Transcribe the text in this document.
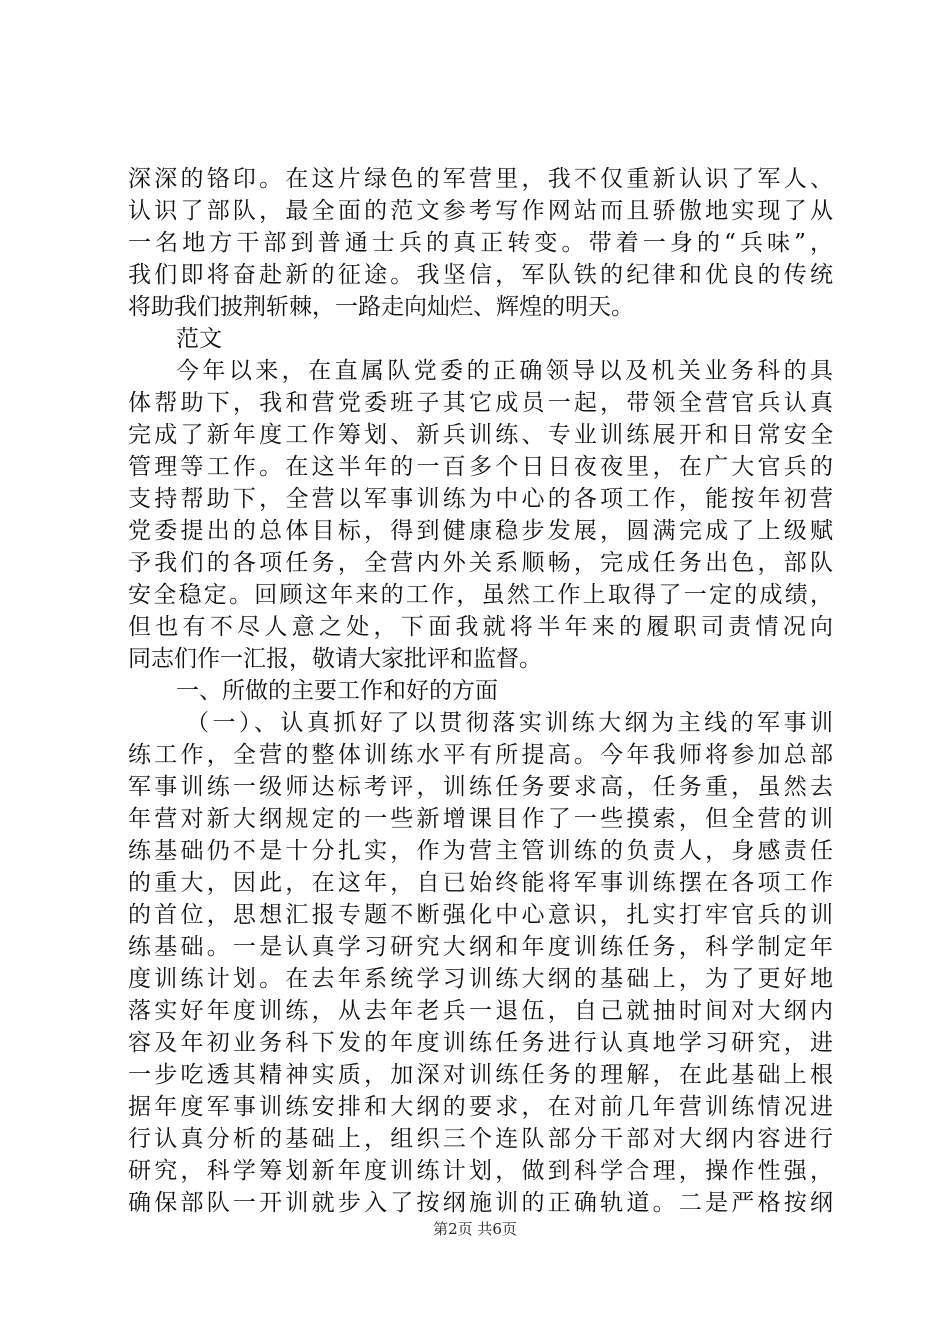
深深的铬印。在这片绿色的军营里，我不仅重新认识了军人、
认识了部队，最全面的范文参考写作网站而且骄傲地实现了从
一名地方干部到普通士兵的真正转变。带着一身的“兵味”，
我们即将奋赴新的征途。我坚信，军队铁的纪律和优良的传统
将助我们披荆斩棘，一路走向灿烂、辉煌的明天。
范文
今年以来，在直属队党委的正确领导以及机关业务科的具
体帮助下，我和营党委班子其它成员一起，带领全营官兵认真
完成了新年度工作筹划、新兵训练、专业训练展开和日常安全
管理等工作。在这半年的一百多个日日夜夜里，在广大官兵的
支持帮助下，全营以军事训练为中心的各项工作，能按年初营
党委提出的总体目标，得到健康稳步发展，圆满完成了上级赋
予我们的各项任务，全营内外关系顺畅，完成任务出色，部队
安全稳定。回顾这年来的工作，虽然工作上取得了一定的成绩，
但也有不尽人意之处，下面我就将半年来的履职司责情况向
同志们作一汇报，敬请大家批评和监督。
一、所做的主要工作和好的方面
（一）、认真抓好了以贯彻落实训练大纲为主线的军事训
练工作，全营的整体训练水平有所提高。今年我师将参加总部
军事训练一级师达标考评，训练任务要求高，任务重，虽然去
年营对新大纲规定的一些新增课目作了一些摸索，但全营的训
练基础仍不是十分扎实，作为营主管训练的负责人，身感责任
的重大，因此，在这年，自已始终能将军事训练摆在各项工作
的首位，思想汇报专题不断强化中心意识，扎实打牢官兵的训
练基础。一是认真学习研究大纲和年度训练任务，科学制定年
度训练计划。在去年系统学习训练大纲的基础上，为了更好地
落实好年度训练，从去年老兵一退伍，自己就抽时间对大纲内
容及年初业务科下发的年度训练任务进行认真地学习研究，进
一步吃透其精神实质，加深对训练任务的理解，在此基础上根
据年度军事训练安排和大纲的要求，在对前几年营训练情况进
行认真分析的基础上，组织三个连队部分干部对大纲内容进行
研究，科学筹划新年度训练计划，做到科学合理，操作性强，
确保部队一开训就步入了按纲施训的正确轨道。二是严格按纲
第2页 共6页
